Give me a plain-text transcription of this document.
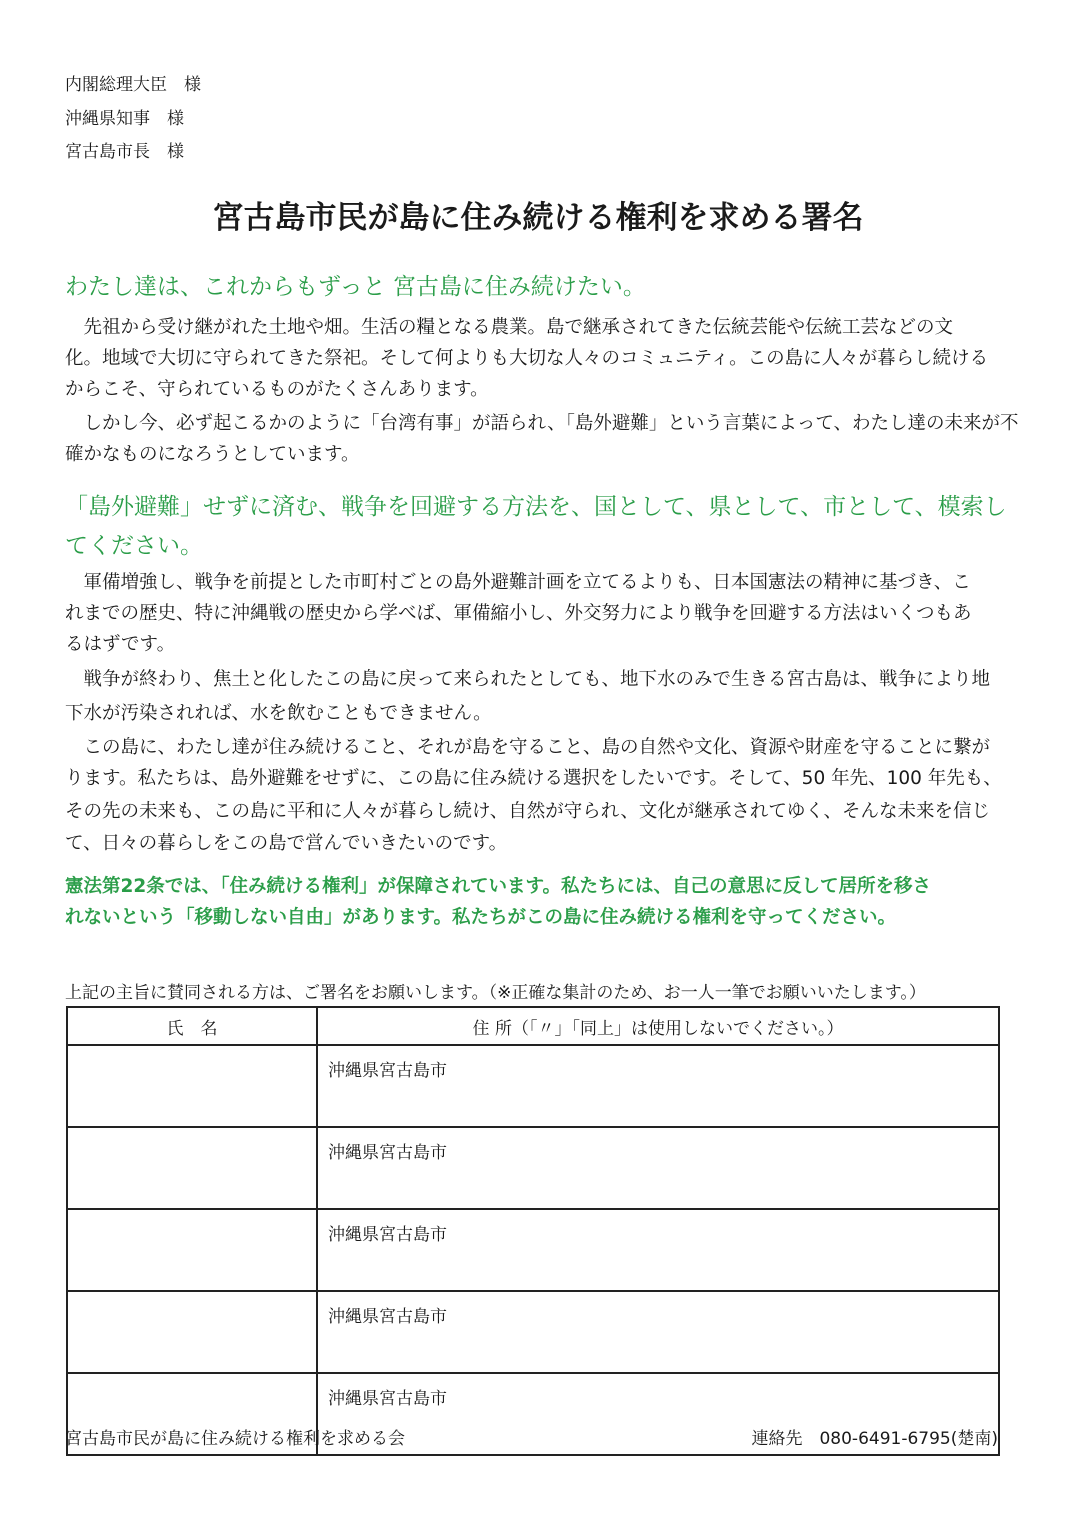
内閣総理大臣　様
沖縄県知事　様
宮古島市長　様
宮古島市民が島に住み続ける権利を求める署名
わたし達は、これからもずっと 宮古島に住み続けたい。
　先祖から受け継がれた土地や畑。生活の糧となる農業。島で継承されてきた伝統芸能や伝統工芸などの文
化。地域で大切に守られてきた祭祀。そして何よりも大切な人々のコミュニティ。この島に人々が暮らし続ける
からこそ、守られているものがたくさんあります。
　しかし今、必ず起こるかのように「台湾有事」が語られ、「島外避難」という言葉によって、わたし達の未来が不
確かなものになろうとしています。
「島外避難」せずに済む、戦争を回避する方法を、国として、県として、市として、模索し
てください。
　軍備増強し、戦争を前提とした市町村ごとの島外避難計画を立てるよりも、日本国憲法の精神に基づき、こ
れまでの歴史、特に沖縄戦の歴史から学べば、軍備縮小し、外交努力により戦争を回避する方法はいくつもあ
るはずです。
　戦争が終わり、焦土と化したこの島に戻って来られたとしても、地下水のみで生きる宮古島は、戦争により地
下水が汚染されれば、水を飲むこともできません。
　この島に、わたし達が住み続けること、それが島を守ること、島の自然や文化、資源や財産を守ることに繋が
ります。私たちは、島外避難をせずに、この島に住み続ける選択をしたいです。そして、50 年先、100 年先も、
その先の未来も、この島に平和に人々が暮らし続け、自然が守られ、文化が継承されてゆく、そんな未来を信じ
て、日々の暮らしをこの島で営んでいきたいのです。
憲法第22条では、「住み続ける権利」が保障されています。私たちには、自己の意思に反して居所を移さ
れないという「移動しない自由」があります。私たちがこの島に住み続ける権利を守ってください。
上記の主旨に賛同される方は、ご署名をお願いします。（※正確な集計のため、お一人一筆でお願いいたします。）
氏　名	住 所（「〃」「同上」は使用しないでください。）
	沖縄県宮古島市
	沖縄県宮古島市
	沖縄県宮古島市
	沖縄県宮古島市
	沖縄県宮古島市
宮古島市民が島に住み続ける権利を求める会	連絡先　080-6491-6795(楚南)
